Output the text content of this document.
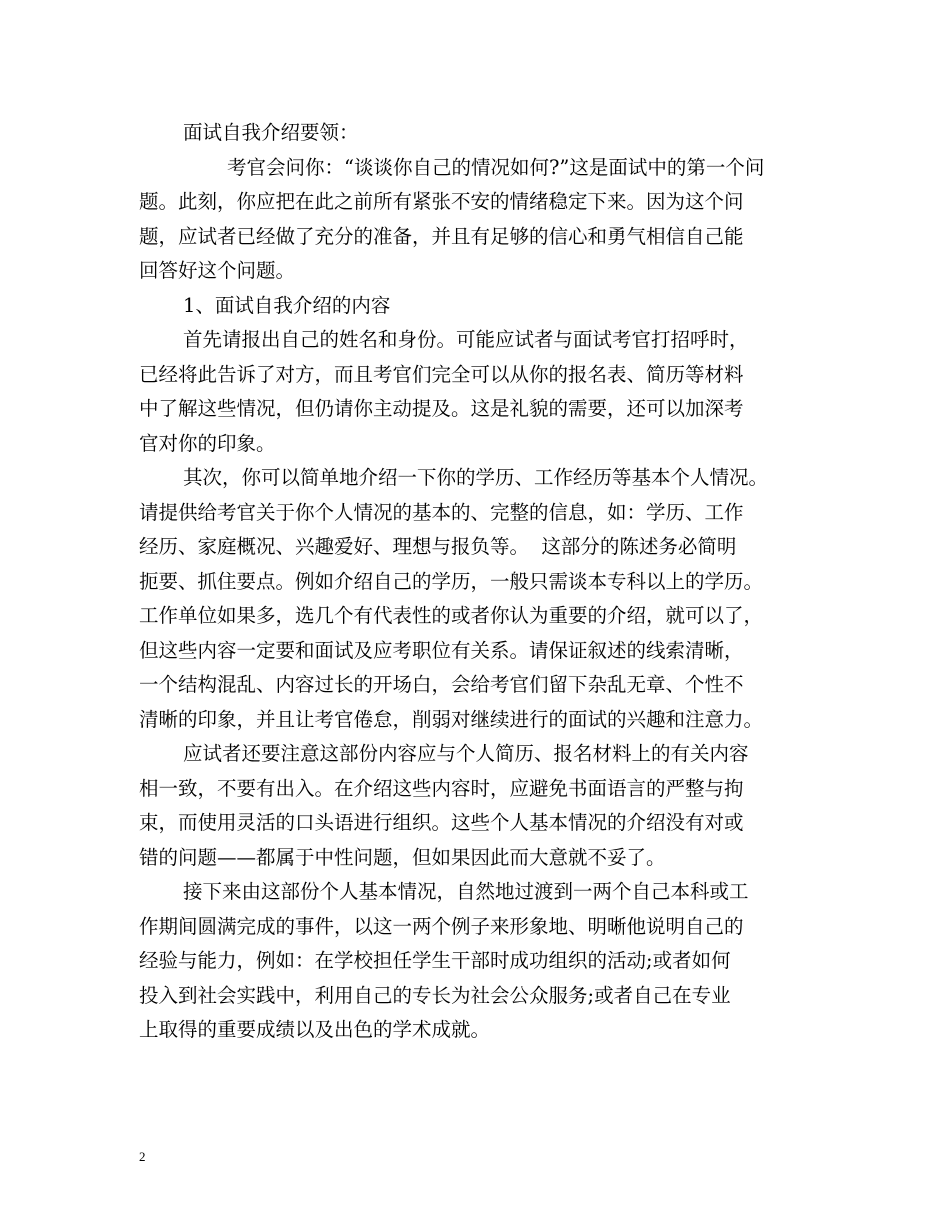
面试自我介绍要领：

考官会问你：“谈谈你自己的情况如何?”这是面试中的第一个问
题。此刻，你应把在此之前所有紧张不安的情绪稳定下来。因为这个问
题，应试者已经做了充分的准备，并且有足够的信心和勇气相信自己能
回答好这个问题。

1、面试自我介绍的内容

首先请报出自己的姓名和身份。可能应试者与面试考官打招呼时，
已经将此告诉了对方，而且考官们完全可以从你的报名表、简历等材料
中了解这些情况，但仍请你主动提及。这是礼貌的需要，还可以加深考
官对你的印象。

其次，你可以简单地介绍一下你的学历、工作经历等基本个人情况。
请提供给考官关于你个人情况的基本的、完整的信息，如：学历、工作
经历、家庭概况、兴趣爱好、理想与报负等。  这部分的陈述务必简明
扼要、抓住要点。例如介绍自己的学历，一般只需谈本专科以上的学历。
工作单位如果多，选几个有代表性的或者你认为重要的介绍，就可以了，
但这些内容一定要和面试及应考职位有关系。请保证叙述的线索清晰，
一个结构混乱、内容过长的开场白，会给考官们留下杂乱无章、个性不
清晰的印象，并且让考官倦怠，削弱对继续进行的面试的兴趣和注意力。

应试者还要注意这部份内容应与个人简历、报名材料上的有关内容
相一致，不要有出入。在介绍这些内容时，应避免书面语言的严整与拘
束，而使用灵活的口头语进行组织。这些个人基本情况的介绍没有对或
错的问题——都属于中性问题，但如果因此而大意就不妥了。

接下来由这部份个人基本情况，自然地过渡到一两个自己本科或工
作期间圆满完成的事件，以这一两个例子来形象地、明晰他说明自己的
经验与能力，例如：在学校担任学生干部时成功组织的活动;或者如何
投入到社会实践中，利用自己的专长为社会公众服务;或者自己在专业
上取得的重要成绩以及出色的学术成就。

2
